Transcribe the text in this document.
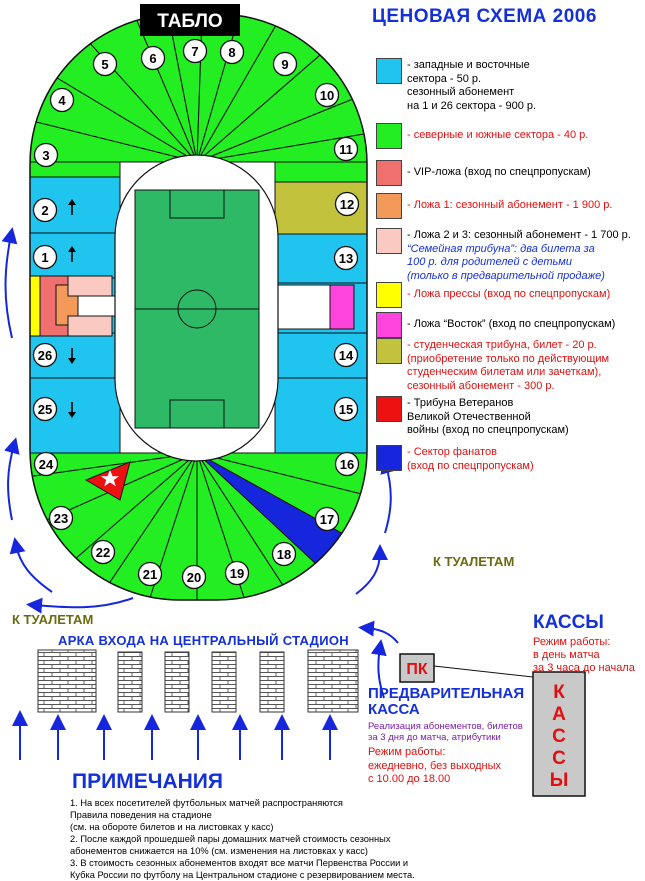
1
2
3
4
5	6	7 8
9
10
11
12
13
14
15
16
17
18
19
20
21
22
23
24
25
26
ТАБЛО
ПК
К
А
С
С
Ы

ЦЕНОВАЯ СХЕМА 2006

- западные и восточные
сектора - 50 р.
сезонный абонемент
на 1 и 26 сектора - 900 р.
- северные и южные сектора - 40 р.
- VIP-ложа (вход по спецпропускам)
- Ложа 1: сезонный абонемент - 1 900 р.
- Ложа 2 и 3: сезонный абонемент - 1 700 р.
“Семейная трибуна”: два билета за
100 р. для родителей с детьми
(только в предварительной продаже)
- Ложа прессы (вход по спецпропускам)
- Ложа “Восток” (вход по спецпропускам)
- студенческая трибуна, билет - 20 р.
(приобретение только по действующим
студенческим билетам или зачеткам),
сезонный абонемент - 300 р.
- Трибуна Ветеранов
Великой Отечественной
войны (вход по спецпропускам)
- Сектор фанатов
(вход по спецпропускам)

К ТУАЛЕТАМ

К ТУАЛЕТАМ

АРКА ВХОДА НА ЦЕНТРАЛЬНЫЙ СТАДИОН

КАССЫ

Режим работы:
в день матча
за 3 часа до начала
ПРЕДВАРИТЕЛЬНАЯ
КАССА
Реализация абонементов, билетов
за 3 дня до матча, атрибутики
Режим работы:
ежедневно, без выходных
с 10.00 до 18.00

ПРИМЕЧАНИЯ

1. На всех посетителей футбольных матчей распространяются
Правила поведения на стадионе
(см. на обороте билетов и на листовках у касс)
2. После каждой прошедшей пары домашних матчей стоимость сезонных
абонементов снижается на 10% (см. изменения на листовках у касс)
3. В стоимость сезонных абонементов входят все матчи Первенства России и
Кубка России по футболу на Центральном стадионе с резервированием места.
